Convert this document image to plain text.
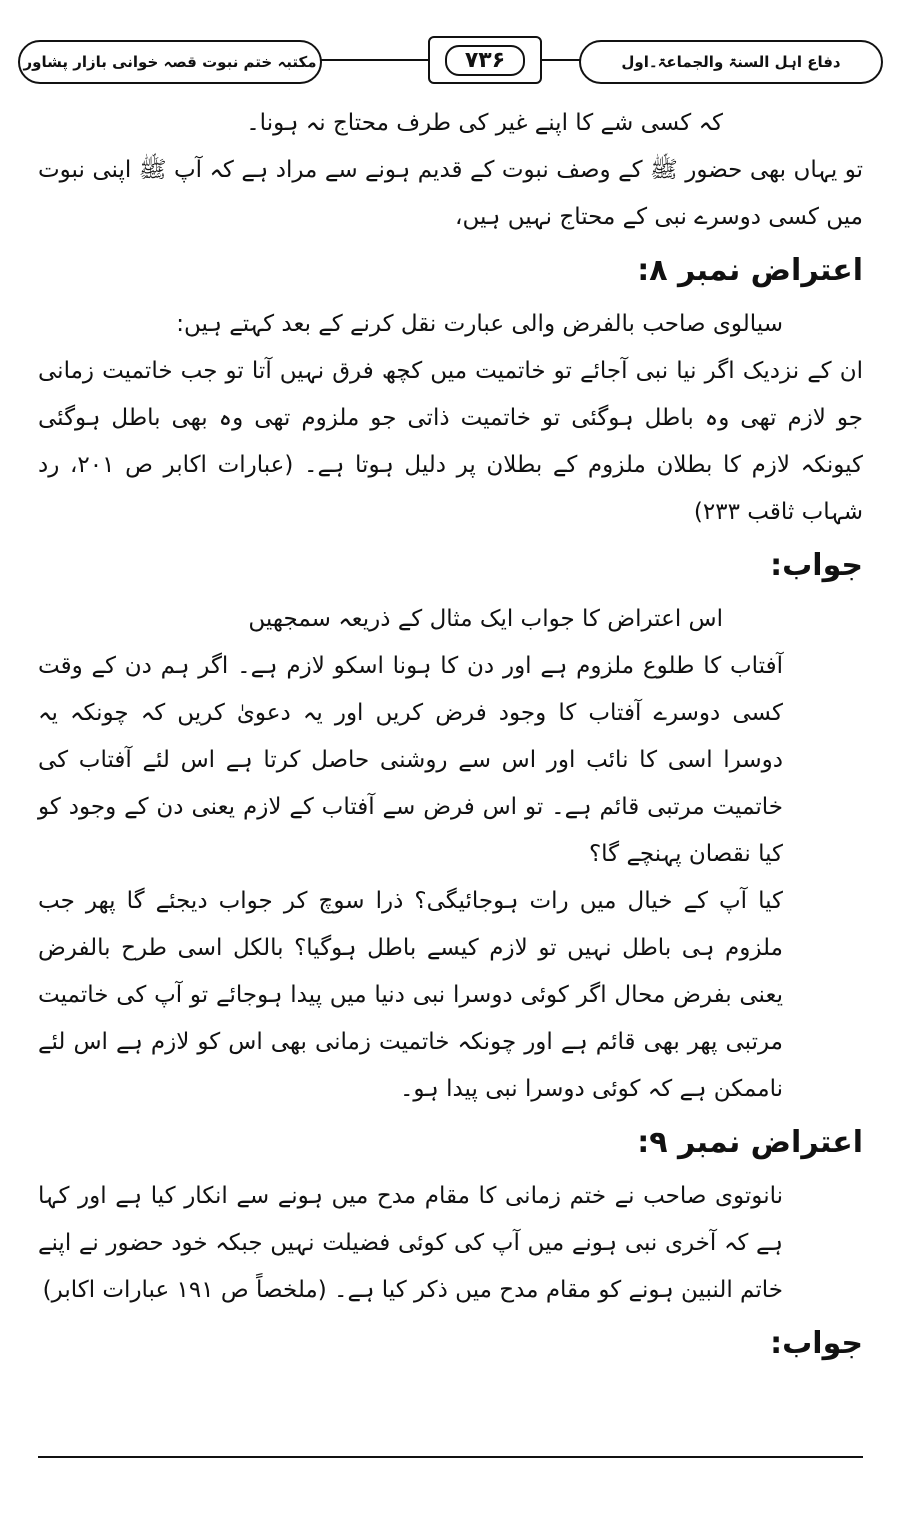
مکتبہ ختم نبوت قصہ خوانی بازار پشاور	دفاع اہل السنۃ والجماعۃ۔اول
۷۳۶

کہ کسی شے کا اپنے غیر کی طرف محتاج نہ ہونا۔

تو یہاں بھی حضور ﷺ کے وصف نبوت کے قدیم ہونے سے مراد ہے کہ آپ ﷺ اپنی نبوت میں کسی دوسرے نبی کے محتاج نہیں ہیں،

اعتراض نمبر ۸:

سیالوی صاحب بالفرض والی عبارت نقل کرنے کے بعد کہتے ہیں:

ان کے نزدیک اگر نیا نبی آجائے تو خاتمیت میں کچھ فرق نہیں آتا تو جب خاتمیت زمانی جو لازم تھی وہ باطل ہوگئی تو خاتمیت ذاتی جو ملزوم تھی وہ بھی باطل ہوگئی کیونکہ لازم کا بطلان ملزوم کے بطلان پر دلیل ہوتا ہے۔ (عبارات اکابر ص ۲۰۱، رد شہاب ثاقب ۲۳۳)

جواب:

اس اعتراض کا جواب ایک مثال کے ذریعہ سمجھیں

آفتاب کا طلوع ملزوم ہے اور دن کا ہونا اسکو لازم ہے۔ اگر ہم دن کے وقت کسی دوسرے آفتاب کا وجود فرض کریں اور یہ دعویٰ کریں کہ چونکہ یہ دوسرا اسی کا نائب اور اس سے روشنی حاصل کرتا ہے اس لئے آفتاب کی خاتمیت مرتبی قائم ہے۔ تو اس فرض سے آفتاب کے لازم یعنی دن کے وجود کو کیا نقصان پہنچے گا؟

کیا آپ کے خیال میں رات ہوجائیگی؟ ذرا سوچ کر جواب دیجئے گا پھر جب ملزوم ہی باطل نہیں تو لازم کیسے باطل ہوگیا؟ بالکل اسی طرح بالفرض یعنی بفرض محال اگر کوئی دوسرا نبی دنیا میں پیدا ہوجائے تو آپ کی خاتمیت مرتبی پھر بھی قائم ہے اور چونکہ خاتمیت زمانی بھی اس کو لازم ہے اس لئے ناممکن ہے کہ کوئی دوسرا نبی پیدا ہو۔

اعتراض نمبر ۹:

نانوتوی صاحب نے ختم زمانی کا مقام مدح میں ہونے سے انکار کیا ہے اور کہا ہے کہ آخری نبی ہونے میں آپ کی کوئی فضیلت نہیں جبکہ خود حضور نے اپنے خاتم النبین ہونے کو مقام مدح میں ذکر کیا ہے۔ (ملخصاً ص ۱۹۱ عبارات اکابر)

جواب:
